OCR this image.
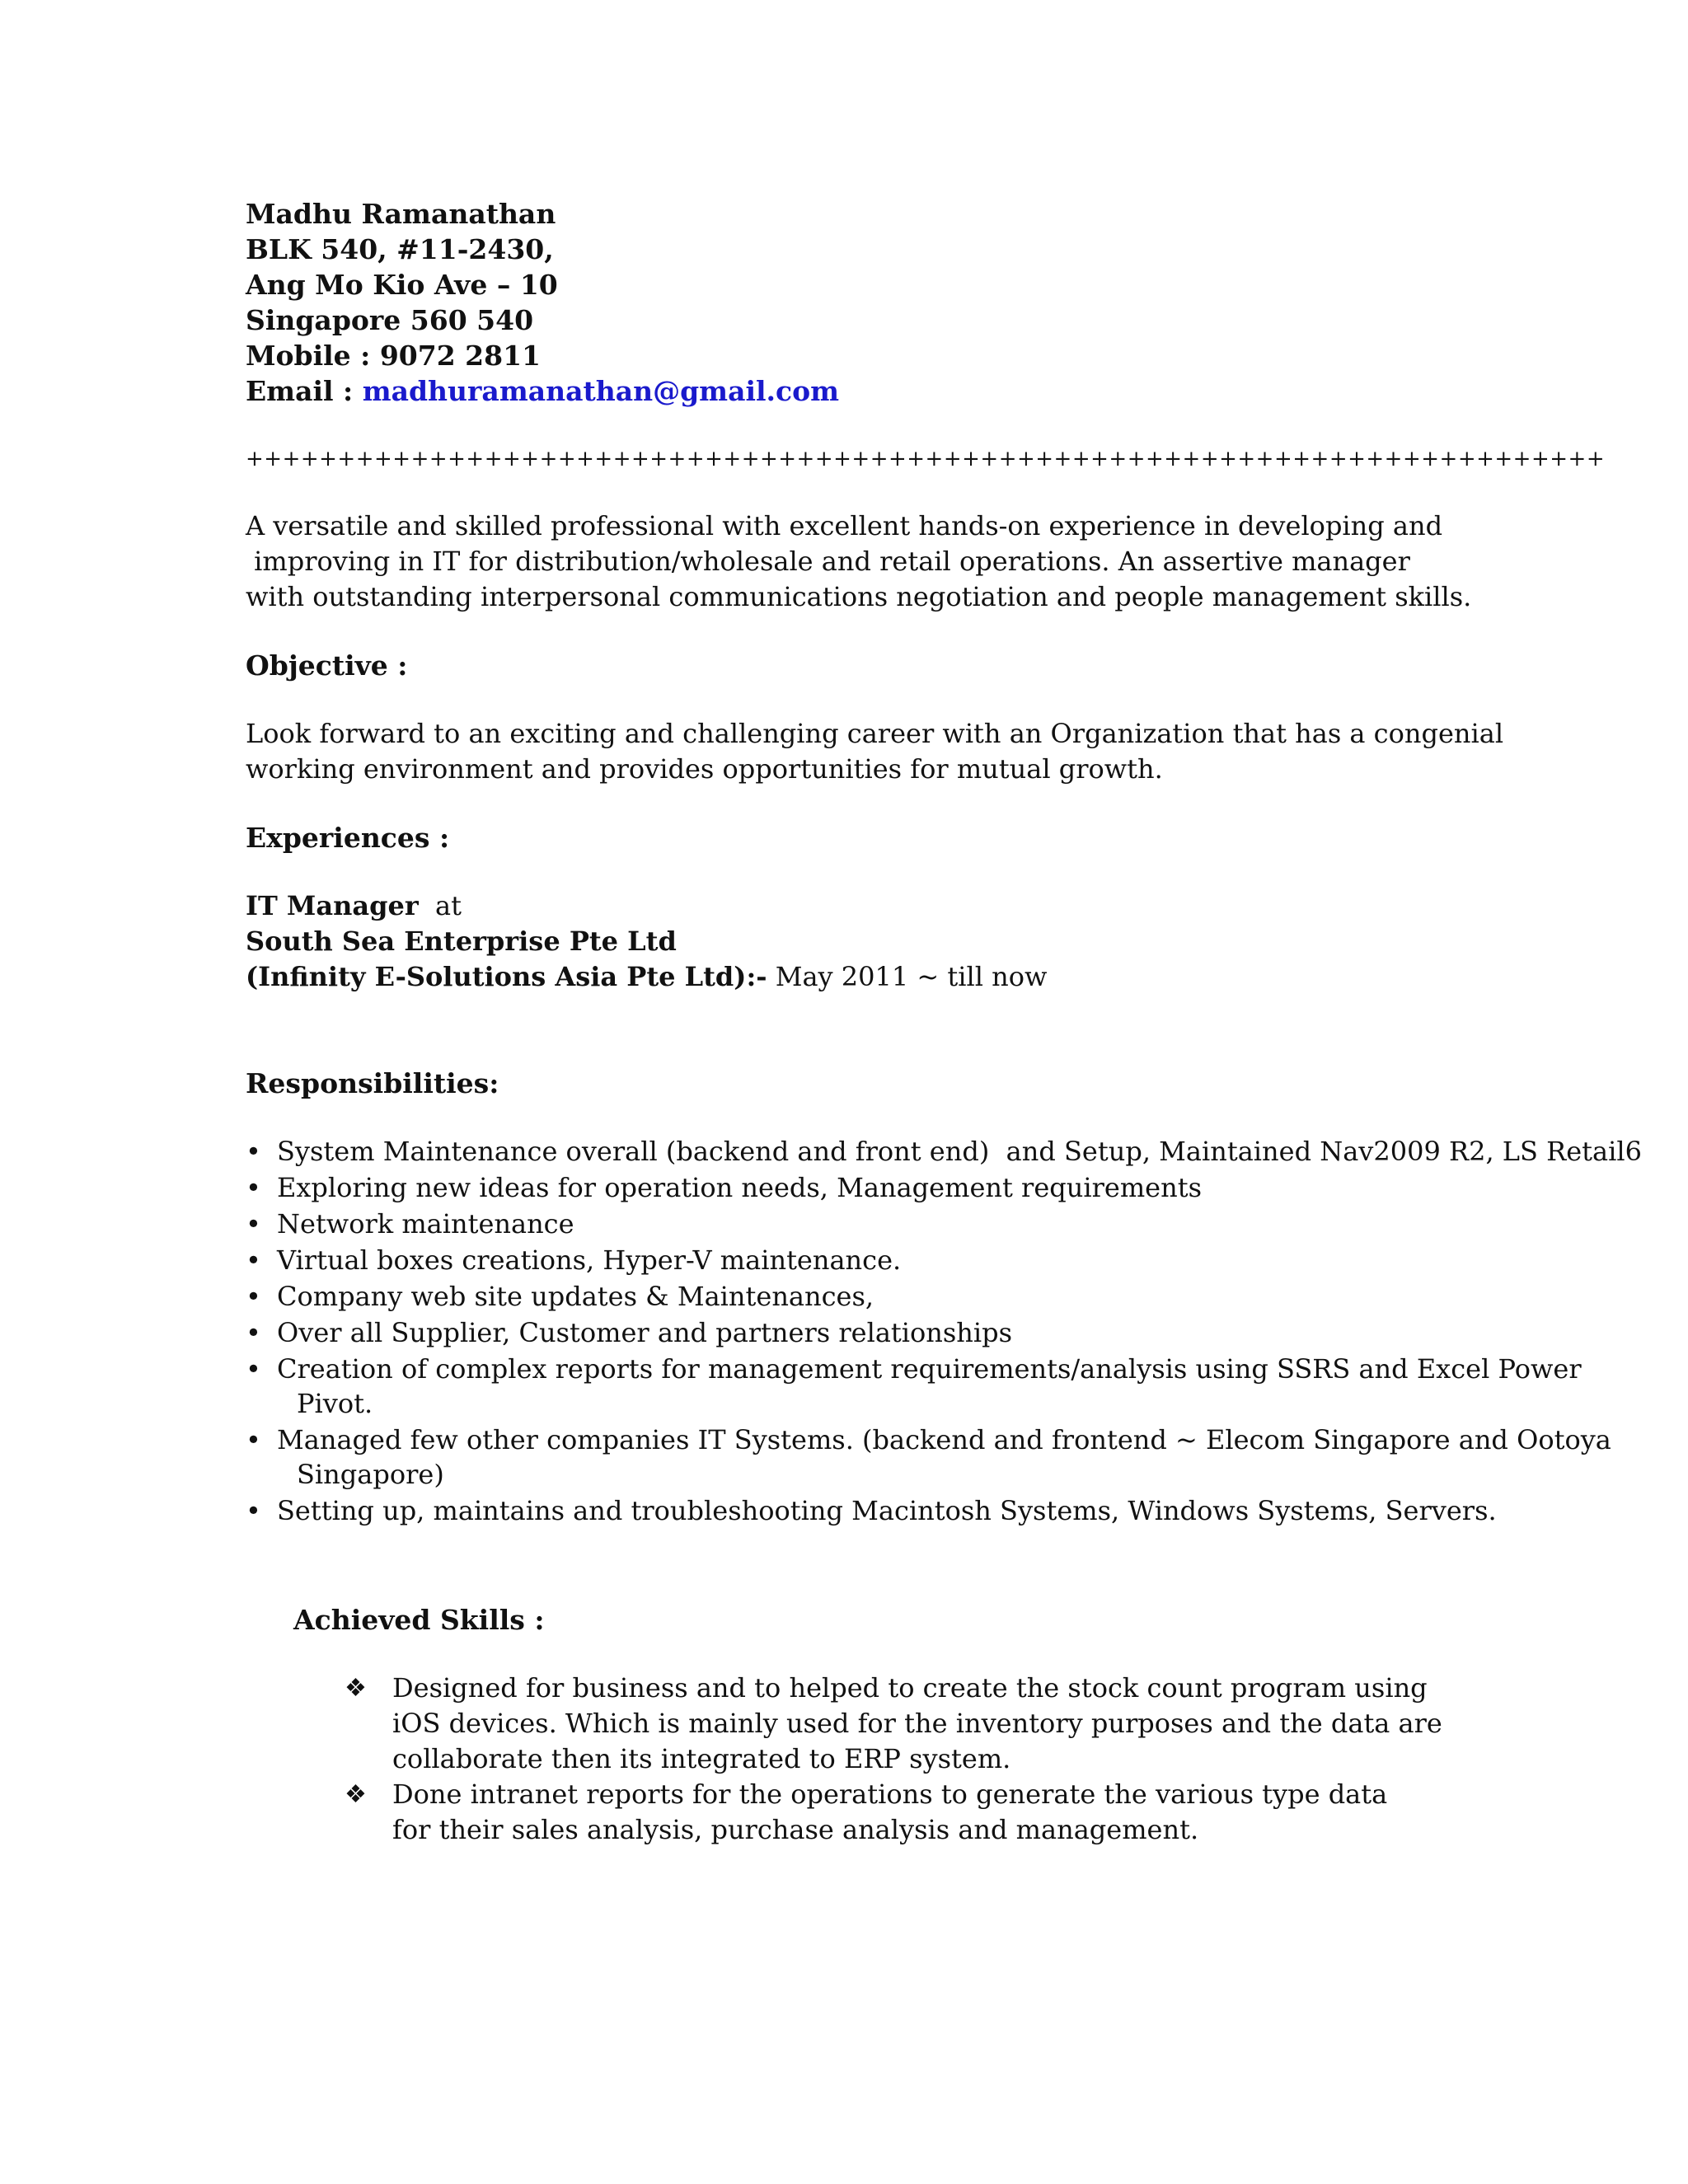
Madhu Ramanathan
BLK 540, #11-2430,
Ang Mo Kio Ave – 10
Singapore 560 540
Mobile : 9072 2811
Email : madhuramanathan@gmail.com
++++++++++++++++++++++++++++++++++++++++++++++++++++++++++++++++++++++++++
A versatile and skilled professional with excellent hands-on experience in developing and
improving in IT for distribution/wholesale and retail operations. An assertive manager
with outstanding interpersonal communications negotiation and people management skills.
Objective :
Look forward to an exciting and challenging career with an Organization that has a congenial
working environment and provides opportunities for mutual growth.
Experiences :
IT Manager  at
South Sea Enterprise Pte Ltd
(Infinity E-Solutions Asia Pte Ltd):- May 2011 ~ till now
Responsibilities:
• System Maintenance overall (backend and front end)  and Setup, Maintained Nav2009 R2, LS Retail6
• Exploring new ideas for operation needs, Management requirements
• Network maintenance
• Virtual boxes creations, Hyper-V maintenance.
• Company web site updates & Maintenances,
• Over all Supplier, Customer and partners relationships
• Creation of complex reports for management requirements/analysis using SSRS and Excel Power
Pivot.
• Managed few other companies IT Systems. (backend and frontend ~ Elecom Singapore and Ootoya
Singapore)
• Setting up, maintains and troubleshooting Macintosh Systems, Windows Systems, Servers.
Achieved Skills :
❖ Designed for business and to helped to create the stock count program using
iOS devices. Which is mainly used for the inventory purposes and the data are
collaborate then its integrated to ERP system.
❖ Done intranet reports for the operations to generate the various type data
for their sales analysis, purchase analysis and management.
